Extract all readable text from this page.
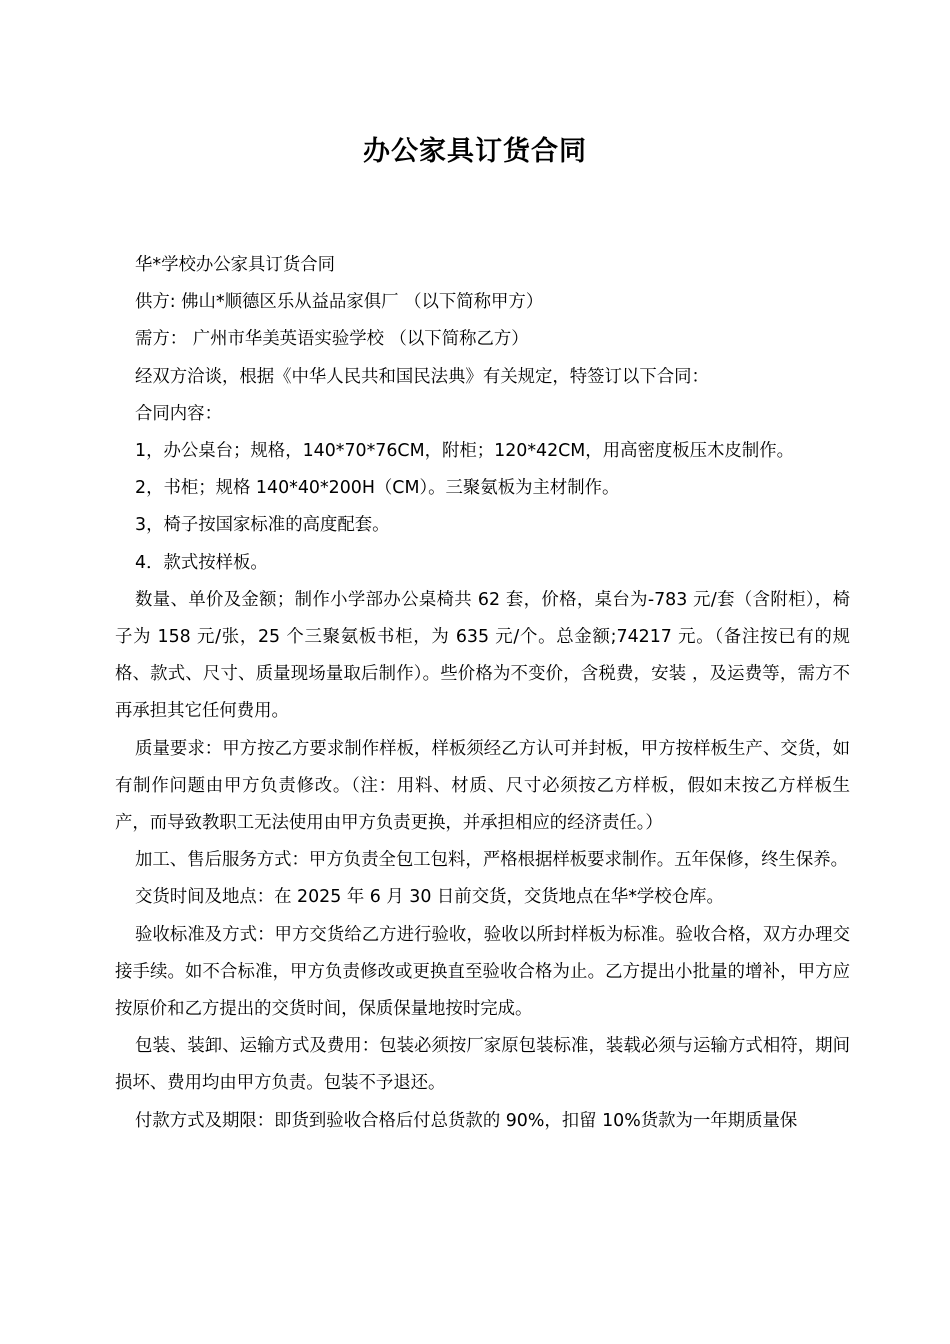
办公家具订货合同

华*学校办公家具订货合同

供方: 佛山*顺德区乐从益品家俱厂 （以下简称甲方）

需方： 广州市华美英语实验学校 （以下简称乙方）

经双方洽谈，根据《中华人民共和国民法典》有关规定，特签订以下合同：

合同内容：

1，办公桌台；规格，140*70*76CM，附柜；120*42CM，用高密度板压木皮制作。

2，书柜；规格 140*40*200H（CM）。三聚氨板为主材制作。

3，椅子按国家标准的高度配套。

4．款式按样板。

数量、单价及金额；制作小学部办公桌椅共 62 套，价格，桌台为-783 元/套（含附柜），椅子为 158 元/张，25 个三聚氨板书柜，为 635 元/个。总金额;74217 元。（备注按已有的规格、款式、尺寸、质量现场量取后制作）。些价格为不变价，含税费，安装 ，及运费等，需方不再承担其它任何费用。

质量要求：甲方按乙方要求制作样板，样板须经乙方认可并封板，甲方按样板生产、交货，如有制作问题由甲方负责修改。（注：用料、材质、尺寸必须按乙方样板，假如末按乙方样板生产，而导致教职工无法使用由甲方负责更换，并承担相应的经济责任。）

加工、售后服务方式：甲方负责全包工包料，严格根据样板要求制作。五年保修，终生保养。

交货时间及地点：在 2025 年 6 月 30 日前交货，交货地点在华*学校仓库。

验收标准及方式：甲方交货给乙方进行验收，验收以所封样板为标准。验收合格，双方办理交接手续。如不合标准，甲方负责修改或更换直至验收合格为止。乙方提出小批量的增补，甲方应按原价和乙方提出的交货时间，保质保量地按时完成。

包装、装卸、运输方式及费用：包装必须按厂家原包装标准，装载必须与运输方式相符，期间损坏、费用均由甲方负责。包装不予退还。

付款方式及期限：即货到验收合格后付总货款的 90%，扣留 10%货款为一年期质量保
